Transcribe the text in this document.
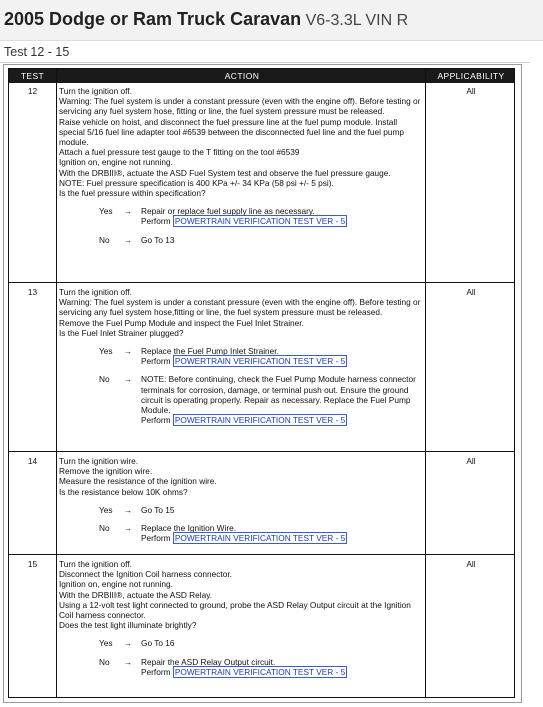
2005 Dodge or Ram Truck Caravan V6-3.3L VIN R
Test 12 - 15
TEST	ACTION	APPLICABILITY
12	Turn the ignition off.

Warning: The fuel system is under a constant pressure (even with the engine off). Before testing or servicing any fuel system hose, fitting or line, the fuel system pressure must be released.

Raise vehicle on hoist, and disconnect the fuel pressure line at the fuel pump module. Install special 5/16 fuel line adapter tool #6539 between the disconnected fuel line and the fuel pump module.

Attach a fuel pressure test gauge to the T fitting on the tool #6539

Ignition on, engine not running.

With the DRBIII®, actuate the ASD Fuel System test and observe the fuel pressure gauge.

NOTE: Fuel pressure specification is 400 KPa +/- 34 KPa (58 psi +/- 5 psi).

Is the fuel pressure within specification?

Yes	→	Repair or replace fuel supply line as necessary.
Perform POWERTRAIN VERIFICATION TEST VER - 5
No	→	Go To 13
All
13	Turn the ignition off.

Warning: The fuel system is under a constant pressure (even with the engine off). Before testing or servicing any fuel system hose,fitting or line, the fuel system pressure must be released.

Remove the Fuel Pump Module and inspect the Fuel Inlet Strainer.

Is the Fuel Inlet Strainer plugged?

Yes	→	Replace the Fuel Pump Inlet Strainer.
Perform POWERTRAIN VERIFICATION TEST VER - 5
No	→	NOTE: Before continuing, check the Fuel Pump Module harness connector terminals for corrosion, damage, or terminal push out. Ensure the ground circuit is operating properly. Repair as necessary. Replace the Fuel Pump Module.
Perform POWERTRAIN VERIFICATION TEST VER - 5
All
14	Turn the ignition wire.

Remove the ignition wire.

Measure the resistance of the ignition wire.

Is the resistance below 10K ohms?

Yes	→	Go To 15
No	→	Replace the Ignition Wire.
Perform POWERTRAIN VERIFICATION TEST VER - 5
All
15	Turn the ignition off.

Disconnect the Ignition Coil harness connector.

Ignition on, engine not running.

With the DRBIII®, actuate the ASD Relay.

Using a 12-volt test light connected to ground, probe the ASD Relay Output circuit at the Ignition Coil harness connector.

Does the test light illuminate brightly?

Yes	→	Go To 16
No	→	Repair the ASD Relay Output circuit.
Perform POWERTRAIN VERIFICATION TEST VER - 5
All
